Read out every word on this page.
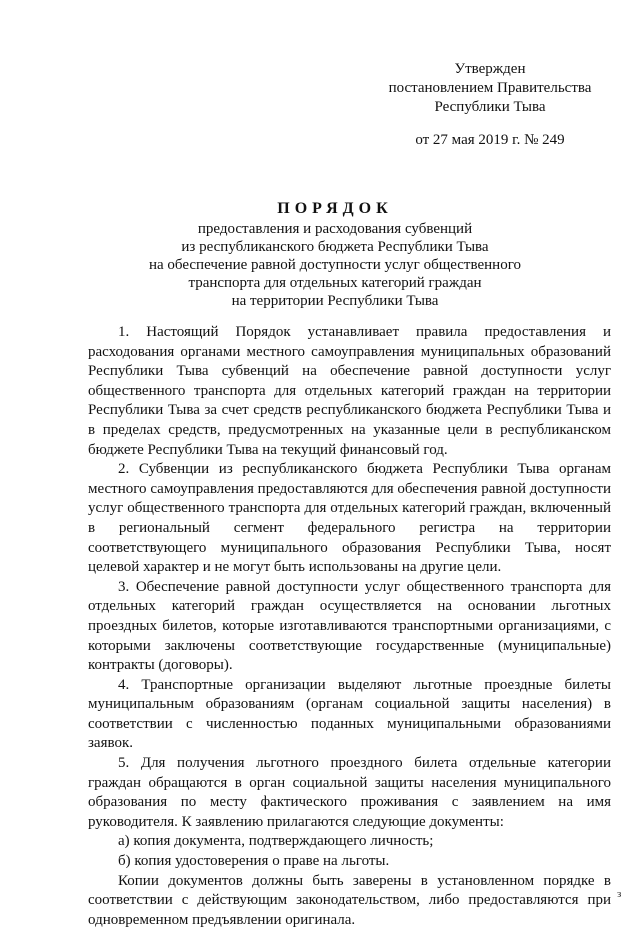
Утвержден
постановлением Правительства
Республики Тыва
от 27 мая 2019 г. № 249
ПОРЯДОК
предоставления и расходования субвенций
из республиканского бюджета Республики Тыва
на обеспечение равной доступности услуг общественного
транспорта для отдельных категорий граждан
на территории Республики Тыва

1. Настоящий Порядок устанавливает правила предоставления и расходования органами местного самоуправления муниципальных образований Республики Тыва субвенций на обеспечение равной доступности услуг общественного транспорта для отдельных категорий граждан на территории Республики Тыва за счет средств республиканского бюджета Республики Тыва и в пределах средств, предусмотренных на указанные цели в республиканском бюджете Республики Тыва на текущий финансовый год.

2. Субвенции из республиканского бюджета Республики Тыва органам местного самоуправления предоставляются для обеспечения равной доступности услуг общественного транспорта для отдельных категорий граждан, включенный в региональный сегмент федерального регистра на территории соответствующего муниципального образования Республики Тыва, носят целевой характер и не могут быть использованы на другие цели.

3. Обеспечение равной доступности услуг общественного транспорта для отдельных категорий граждан осуществляется на основании льготных проездных билетов, которые изготавливаются транспортными организациями, с которыми заключены соответствующие государственные (муниципальные) контракты (договоры).

4. Транспортные организации выделяют льготные проездные билеты муниципальным образованиям (органам социальной защиты населения) в соответствии с численностью поданных муниципальными образованиями заявок.

5. Для получения льготного проездного билета отдельные категории граждан обращаются в орган социальной защиты населения муниципального образования по месту фактического проживания с заявлением на имя руководителя. К заявлению прилагаются следующие документы:

а) копия документа, подтверждающего личность;

б) копия удостоверения о праве на льготы.

Копии документов должны быть заверены в установленном порядке в соответствии с действующим законодательством, либо предоставляются при одновременном предъявлении оригинала.

з
